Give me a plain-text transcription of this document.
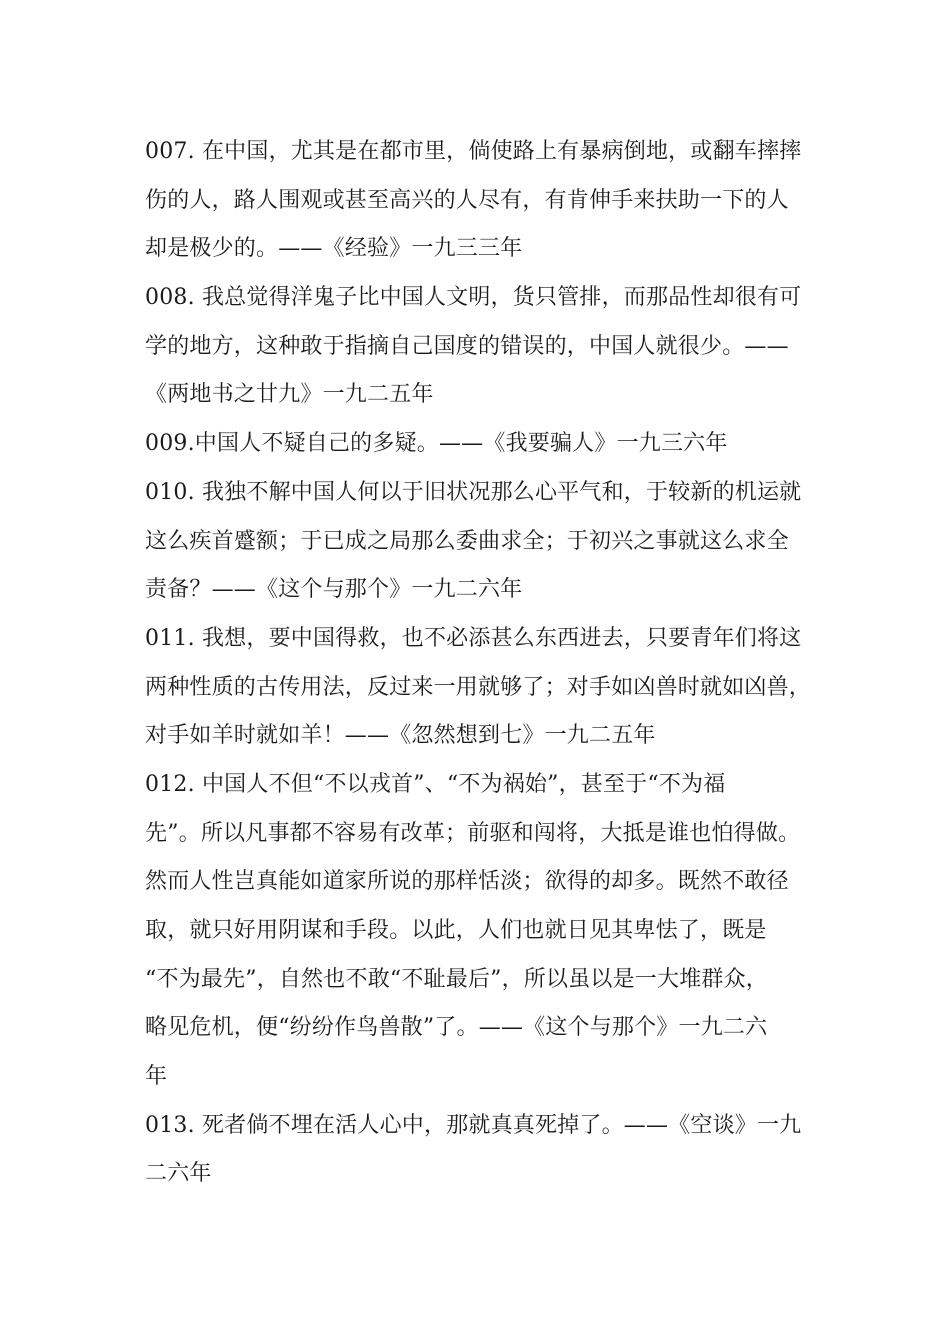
007. 在中国，尤其是在都市里，倘使路上有暴病倒地，或翻车摔摔
伤的人，路人围观或甚至高兴的人尽有，有肯伸手来扶助一下的人
却是极少的。——《经验》一九三三年
008. 我总觉得洋鬼子比中国人文明，货只管排，而那品性却很有可
学的地方，这种敢于指摘自己国度的错误的，中国人就很少。——
《两地书之廿九》一九二五年
009.中国人不疑自己的多疑。——《我要骗人》一九三六年
010. 我独不解中国人何以于旧状况那么心平气和，于较新的机运就
这么疾首蹙额；于已成之局那么委曲求全；于初兴之事就这么求全
责备？——《这个与那个》一九二六年
011. 我想，要中国得救，也不必添甚么东西进去，只要青年们将这
两种性质的古传用法，反过来一用就够了；对手如凶兽时就如凶兽，
对手如羊时就如羊！——《忽然想到七》一九二五年
012. 中国人不但“不以戎首”、“不为祸始”，甚至于“不为福
先”。所以凡事都不容易有改革；前驱和闯将，大抵是谁也怕得做。
然而人性岂真能如道家所说的那样恬淡；欲得的却多。既然不敢径
取，就只好用阴谋和手段。以此，人们也就日见其卑怯了，既是
“不为最先”，自然也不敢“不耻最后”，所以虽以是一大堆群众，
略见危机，便“纷纷作鸟兽散”了。——《这个与那个》一九二六
年
013. 死者倘不埋在活人心中，那就真真死掉了。——《空谈》一九
二六年
